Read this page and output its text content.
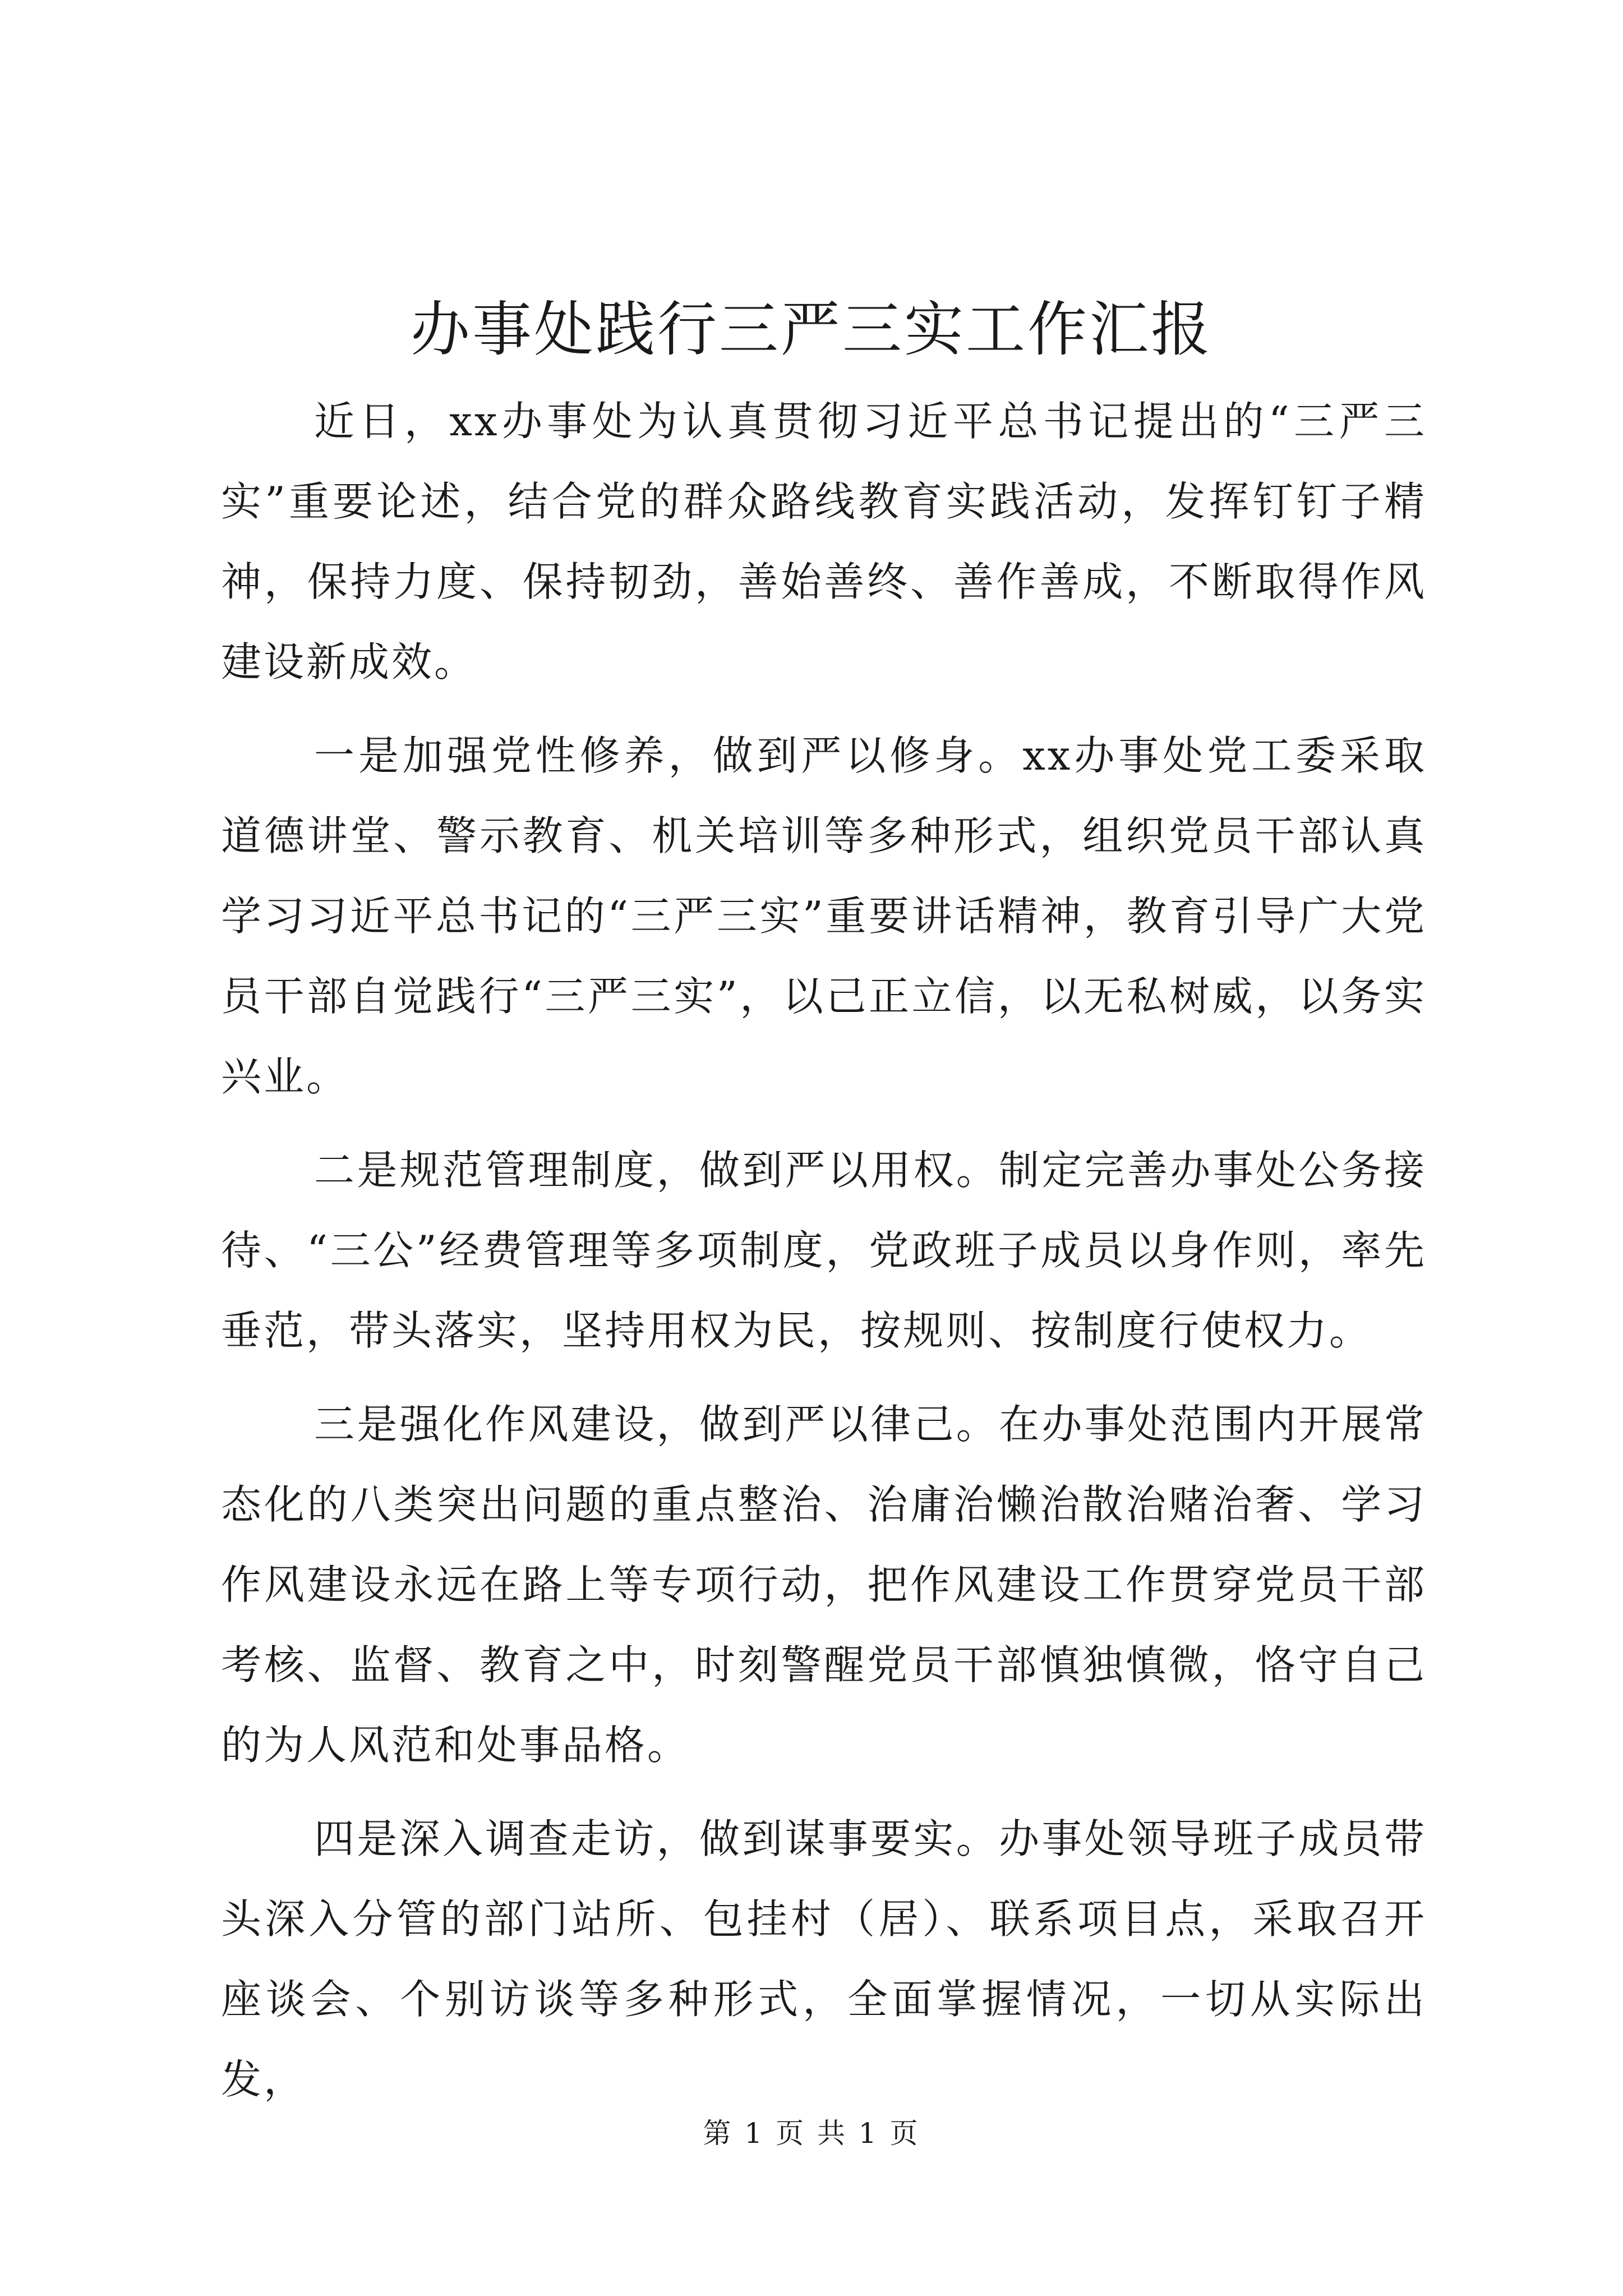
办事处践行三严三实工作汇报

近日，xx办事处为认真贯彻习近平总书记提出的“三严三实”重要论述，结合党的群众路线教育实践活动，发挥钉钉子精神，保持力度、保持韧劲，善始善终、善作善成，不断取得作风建设新成效。

一是加强党性修养，做到严以修身。xx办事处党工委采取道德讲堂、警示教育、机关培训等多种形式，组织党员干部认真学习习近平总书记的“三严三实”重要讲话精神，教育引导广大党员干部自觉践行“三严三实”，以己正立信，以无私树威，以务实兴业。

二是规范管理制度，做到严以用权。制定完善办事处公务接待、“三公”经费管理等多项制度，党政班子成员以身作则，率先垂范，带头落实，坚持用权为民，按规则、按制度行使权力。

三是强化作风建设，做到严以律己。在办事处范围内开展常态化的八类突出问题的重点整治、治庸治懒治散治赌治奢、学习作风建设永远在路上等专项行动，把作风建设工作贯穿党员干部考核、监督、教育之中，时刻警醒党员干部慎独慎微，恪守自己的为人风范和处事品格。

四是深入调查走访，做到谋事要实。办事处领导班子成员带头深入分管的部门站所、包挂村（居）、联系项目点，采取召开座谈会、个别访谈等多种形式，全面掌握情况，一切从实际出发，

第 1 页 共 1 页
